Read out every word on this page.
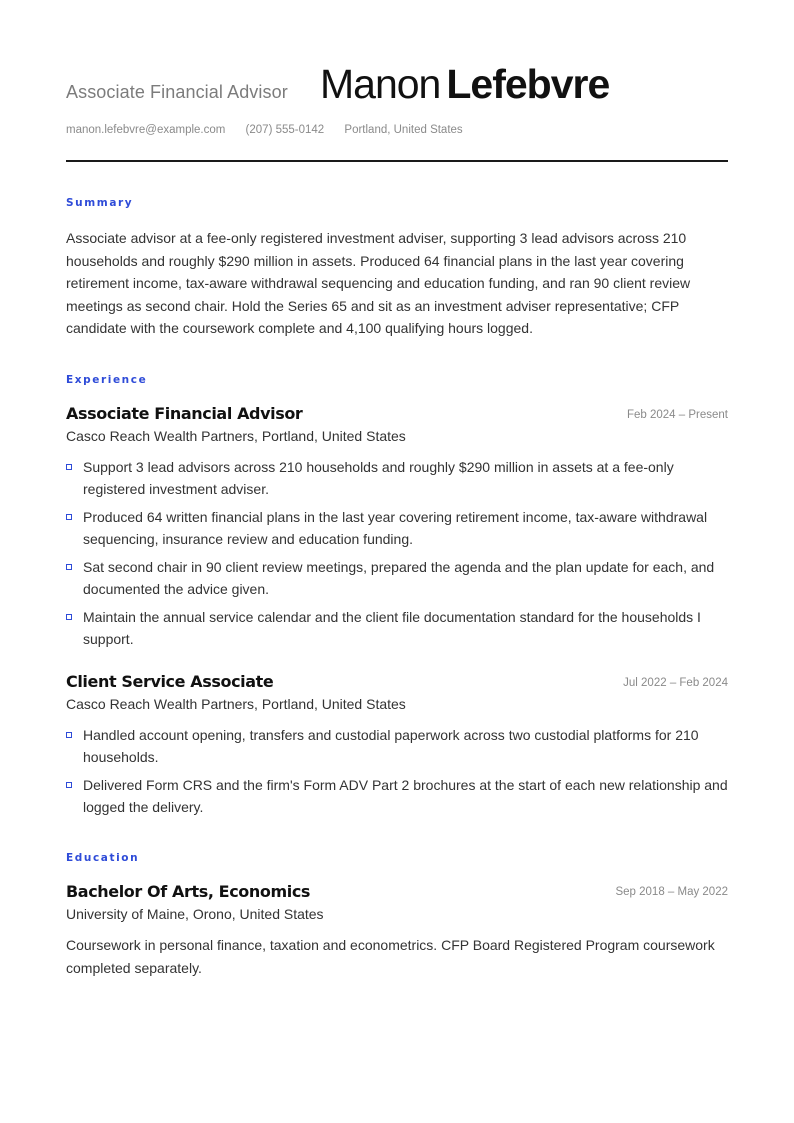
Associate Financial Advisor Manon Lefebvre
manon.lefebvre@example.com (207) 555-0142 Portland, United States
Summary
Associate advisor at a fee-only registered investment adviser, supporting 3 lead advisors across 210 households and roughly $290 million in assets. Produced 64 financial plans in the last year covering retirement income, tax-aware withdrawal sequencing and education funding, and ran 90 client review meetings as second chair. Hold the Series 65 and sit as an investment adviser representative; CFP candidate with the coursework complete and 4,100 qualifying hours logged.
Experience
Associate Financial Advisor	Feb 2024 – Present
Casco Reach Wealth Partners, Portland, United States
Support 3 lead advisors across 210 households and roughly $290 million in assets at a fee-only registered investment adviser.
Produced 64 written financial plans in the last year covering retirement income, tax-aware withdrawal sequencing, insurance review and education funding.
Sat second chair in 90 client review meetings, prepared the agenda and the plan update for each, and documented the advice given.
Maintain the annual service calendar and the client file documentation standard for the households I support.
Client Service Associate	Jul 2022 – Feb 2024
Casco Reach Wealth Partners, Portland, United States
Handled account opening, transfers and custodial paperwork across two custodial platforms for 210 households.
Delivered Form CRS and the firm's Form ADV Part 2 brochures at the start of each new relationship and logged the delivery.
Education
Bachelor Of Arts, Economics	Sep 2018 – May 2022
University of Maine, Orono, United States
Coursework in personal finance, taxation and econometrics. CFP Board Registered Program coursework completed separately.
